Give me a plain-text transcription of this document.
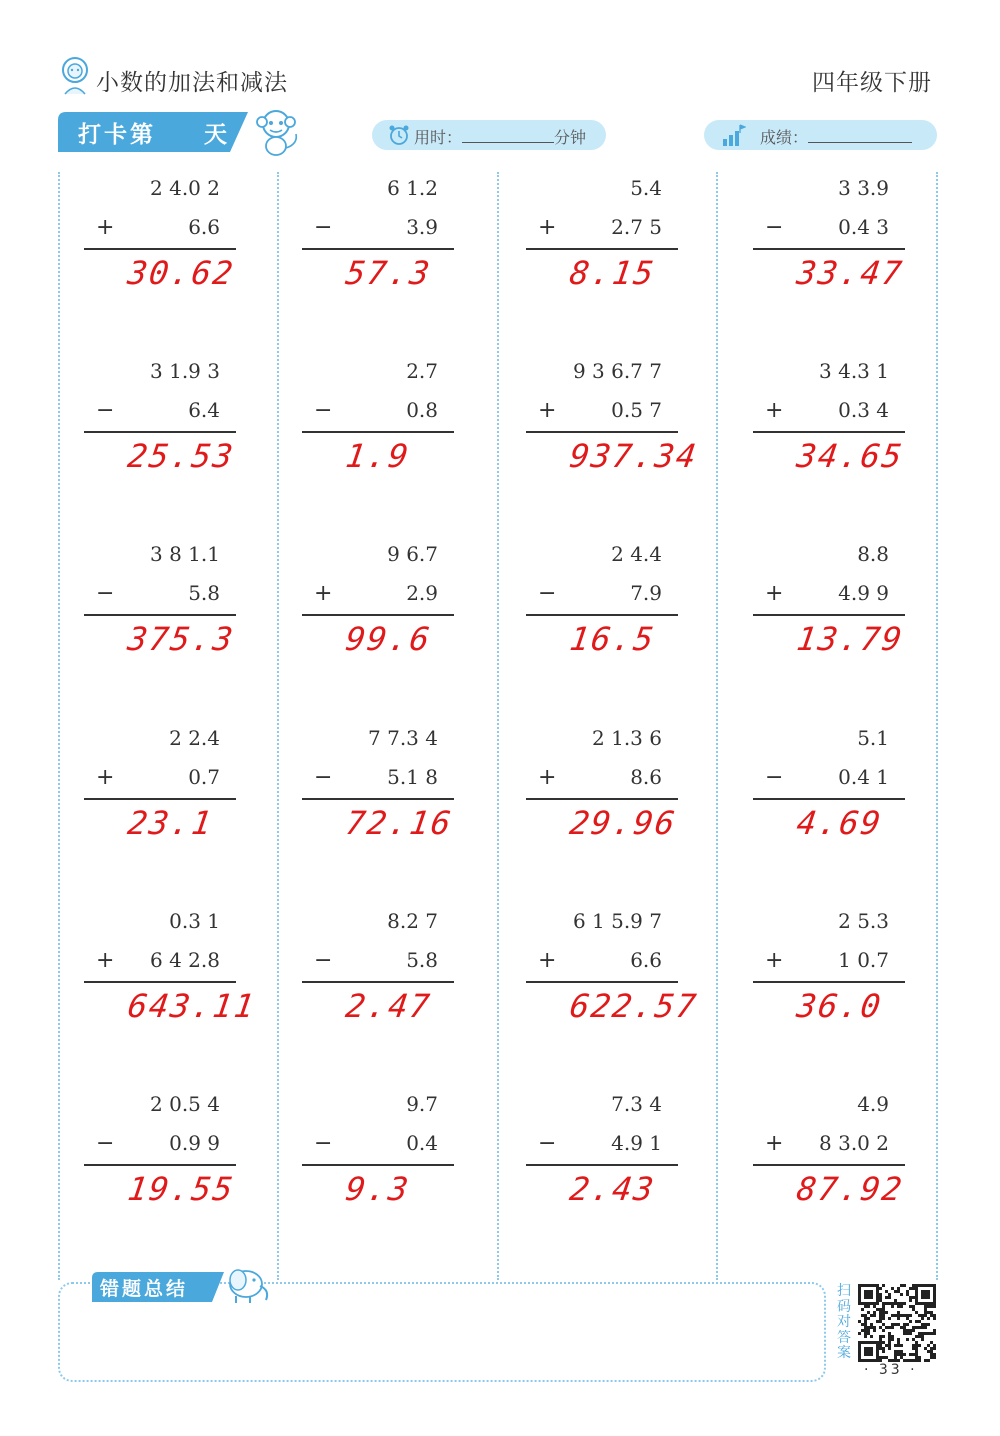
小数的加法和减法	四年级下册
打卡第 天	用时：	分钟	成绩：
2 4.0 2
+	6.6
30.62
6 1.2
−	3.9
57.3
5.4
+	2.7 5
8.15
3 3.9
−	0.4 3
33.47
3 1.9 3
−	6.4
25.53
2.7
−	0.8
1.9
9 3 6.7 7
+	0.5 7
937.34
3 4.3 1
+	0.3 4
34.65
3 8 1.1
−	5.8
375.3
9 6.7
+	2.9
99.6
2 4.4
−	7.9
16.5
8.8
+	4.9 9
13.79
2 2.4
+	0.7
23.1
7 7.3 4
−	5.1 8
72.16
2 1.3 6
+	8.6
29.96
5.1
−	0.4 1
4.69
0.3 1
+ 6 4 2.8
643.11
8.2 7
−	5.8
2.47
6 1 5.9 7
+	6.6
622.57
2 5.3
+	1 0.7
36.0
2 0.5 4
−	0.9 9
19.55
9.7
−	0.4
9.3
7.3 4
−	4.9 1
2.43
4.9
+ 8 3.0 2
87.92
错题总结	扫码对答案
· 33 ·
